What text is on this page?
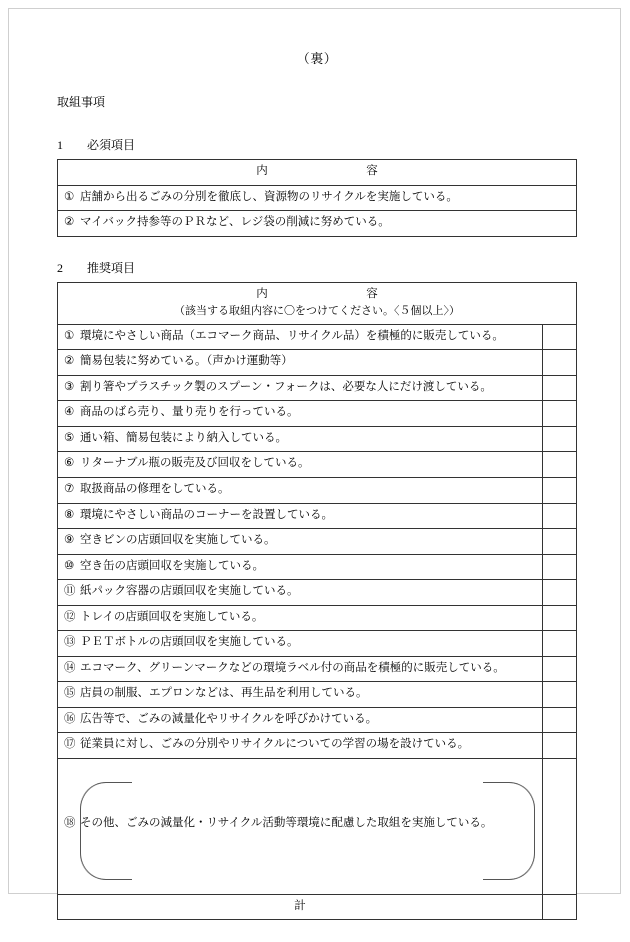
（裏）
取組事項
1　　 必須項目
内　　　容
① 店舗から出るごみの分別を徹底し、資源物のリサイクルを実施している。
② マイバック持参等のＰＲなど、レジ袋の削減に努めている。
2　　 推奨項目
内　　　容
（該当する取組内容に〇をつけてください。〈５個以上〉）	

① 環境にやさしい商品（エコマーク商品、リサイクル品）を積極的に販売している。	
② 簡易包装に努めている。（声かけ運動等）	
③ 割り箸やプラスチック製のスプーン・フォークは、必要な人にだけ渡している。	
④ 商品のばら売り、量り売りを行っている。	
⑤ 通い箱、簡易包装により納入している。	
⑥ リターナブル瓶の販売及び回収をしている。	
⑦ 取扱商品の修理をしている。	
⑧ 環境にやさしい商品のコーナーを設置している。	
⑨ 空きビンの店頭回収を実施している。	
⑩ 空き缶の店頭回収を実施している。	
⑪ 紙パック容器の店頭回収を実施している。	
⑫ トレイの店頭回収を実施している。	
⑬ ＰＥＴボトルの店頭回収を実施している。	
⑭ エコマーク、グリーンマークなどの環境ラベル付の商品を積極的に販売している。	
⑮ 店員の制服、エプロンなどは、再生品を利用している。	
⑯ 広告等で、ごみの減量化やリサイクルを呼びかけている。	
⑰ 従業員に対し、ごみの分別やリサイクルについての学習の場を設けている。	

⑱ その他、ごみの減量化・リサイクル活動等環境に配慮した取組を実施している。	

計	
